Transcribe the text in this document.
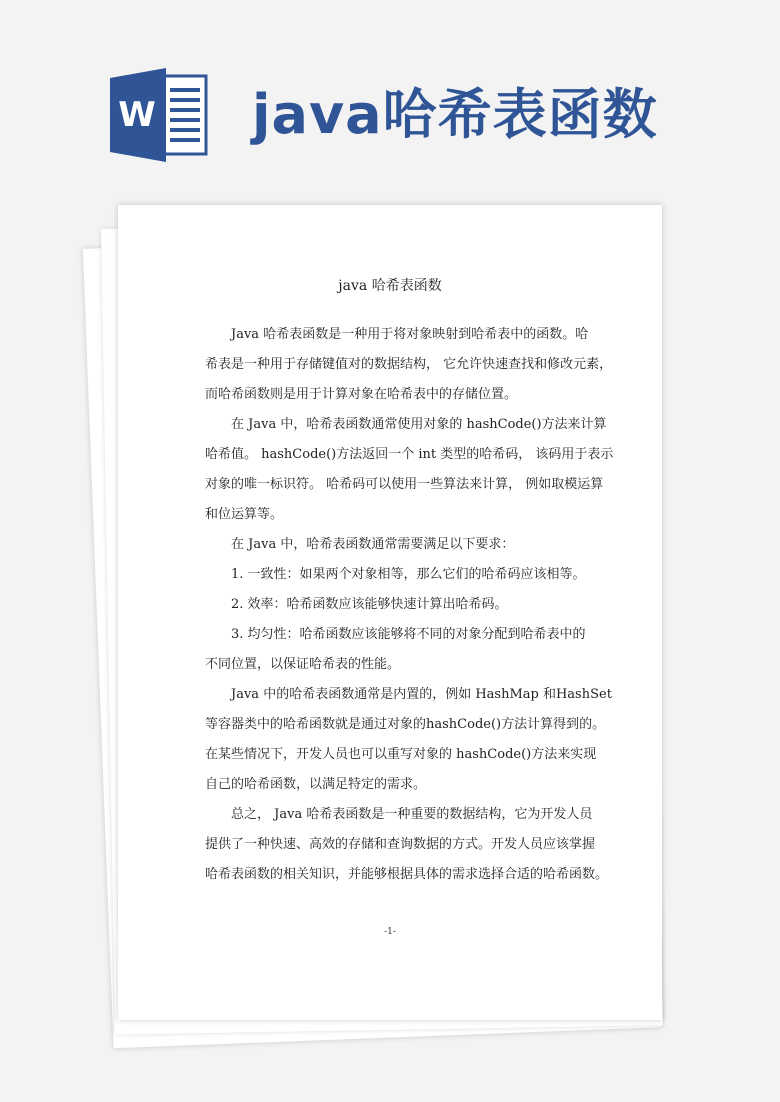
W java哈希表函数
java 哈希表函数
Java 哈希表函数是一种用于将对象映射到哈希表中的函数。哈
希表是一种用于存储键值对的数据结构， 它允许快速查找和修改元素，
而哈希函数则是用于计算对象在哈希表中的存储位置。
在 Java 中，哈希表函数通常使用对象的 hashCode()方法来计算
哈希值。 hashCode()方法返回一个 int 类型的哈希码， 该码用于表示
对象的唯一标识符。 哈希码可以使用一些算法来计算， 例如取模运算
和位运算等。
在 Java 中，哈希表函数通常需要满足以下要求：
1. 一致性：如果两个对象相等，那么它们的哈希码应该相等。
2. 效率：哈希函数应该能够快速计算出哈希码。
3. 均匀性：哈希函数应该能够将不同的对象分配到哈希表中的
不同位置，以保证哈希表的性能。
Java 中的哈希表函数通常是内置的，例如 HashMap 和HashSet
等容器类中的哈希函数就是通过对象的hashCode()方法计算得到的。
在某些情况下，开发人员也可以重写对象的 hashCode()方法来实现
自己的哈希函数，以满足特定的需求。
总之， Java 哈希表函数是一种重要的数据结构，它为开发人员
提供了一种快速、高效的存储和查询数据的方式。开发人员应该掌握
哈希表函数的相关知识，并能够根据具体的需求选择合适的哈希函数。
-1-
